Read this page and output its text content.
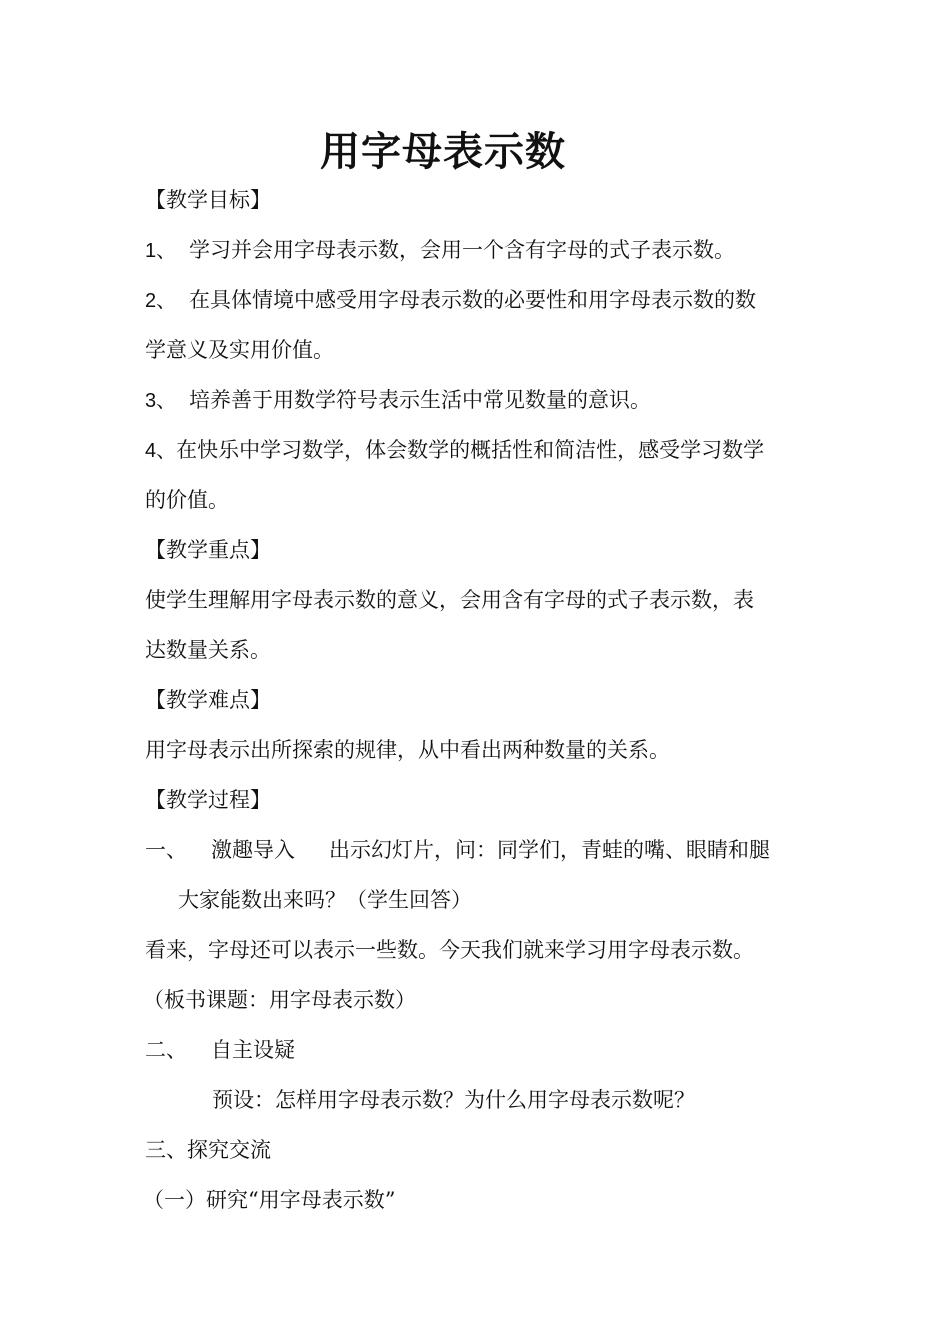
用字母表示数

【教学目标】

1、 学习并会用字母表示数，会用一个含有字母的式子表示数。

2、 在具体情境中感受用字母表示数的必要性和用字母表示数的数

学意义及实用价值。

3、 培养善于用数学符号表示生活中常见数量的意识。

4、在快乐中学习数学，体会数学的概括性和简洁性，感受学习数学

的价值。

【教学重点】

使学生理解用字母表示数的意义，会用含有字母的式子表示数，表

达数量关系。

【教学难点】

用字母表示出所探索的规律，从中看出两种数量的关系。

【教学过程】

一、 激趣导入 出示幻灯片，问：同学们，青蛙的嘴、眼睛和腿

大家能数出来吗？（学生回答）

看来，字母还可以表示一些数。今天我们就来学习用字母表示数。

（板书课题：用字母表示数）

二、 自主设疑

预设：怎样用字母表示数？为什么用字母表示数呢？

三、探究交流

（一）研究“用字母表示数”
